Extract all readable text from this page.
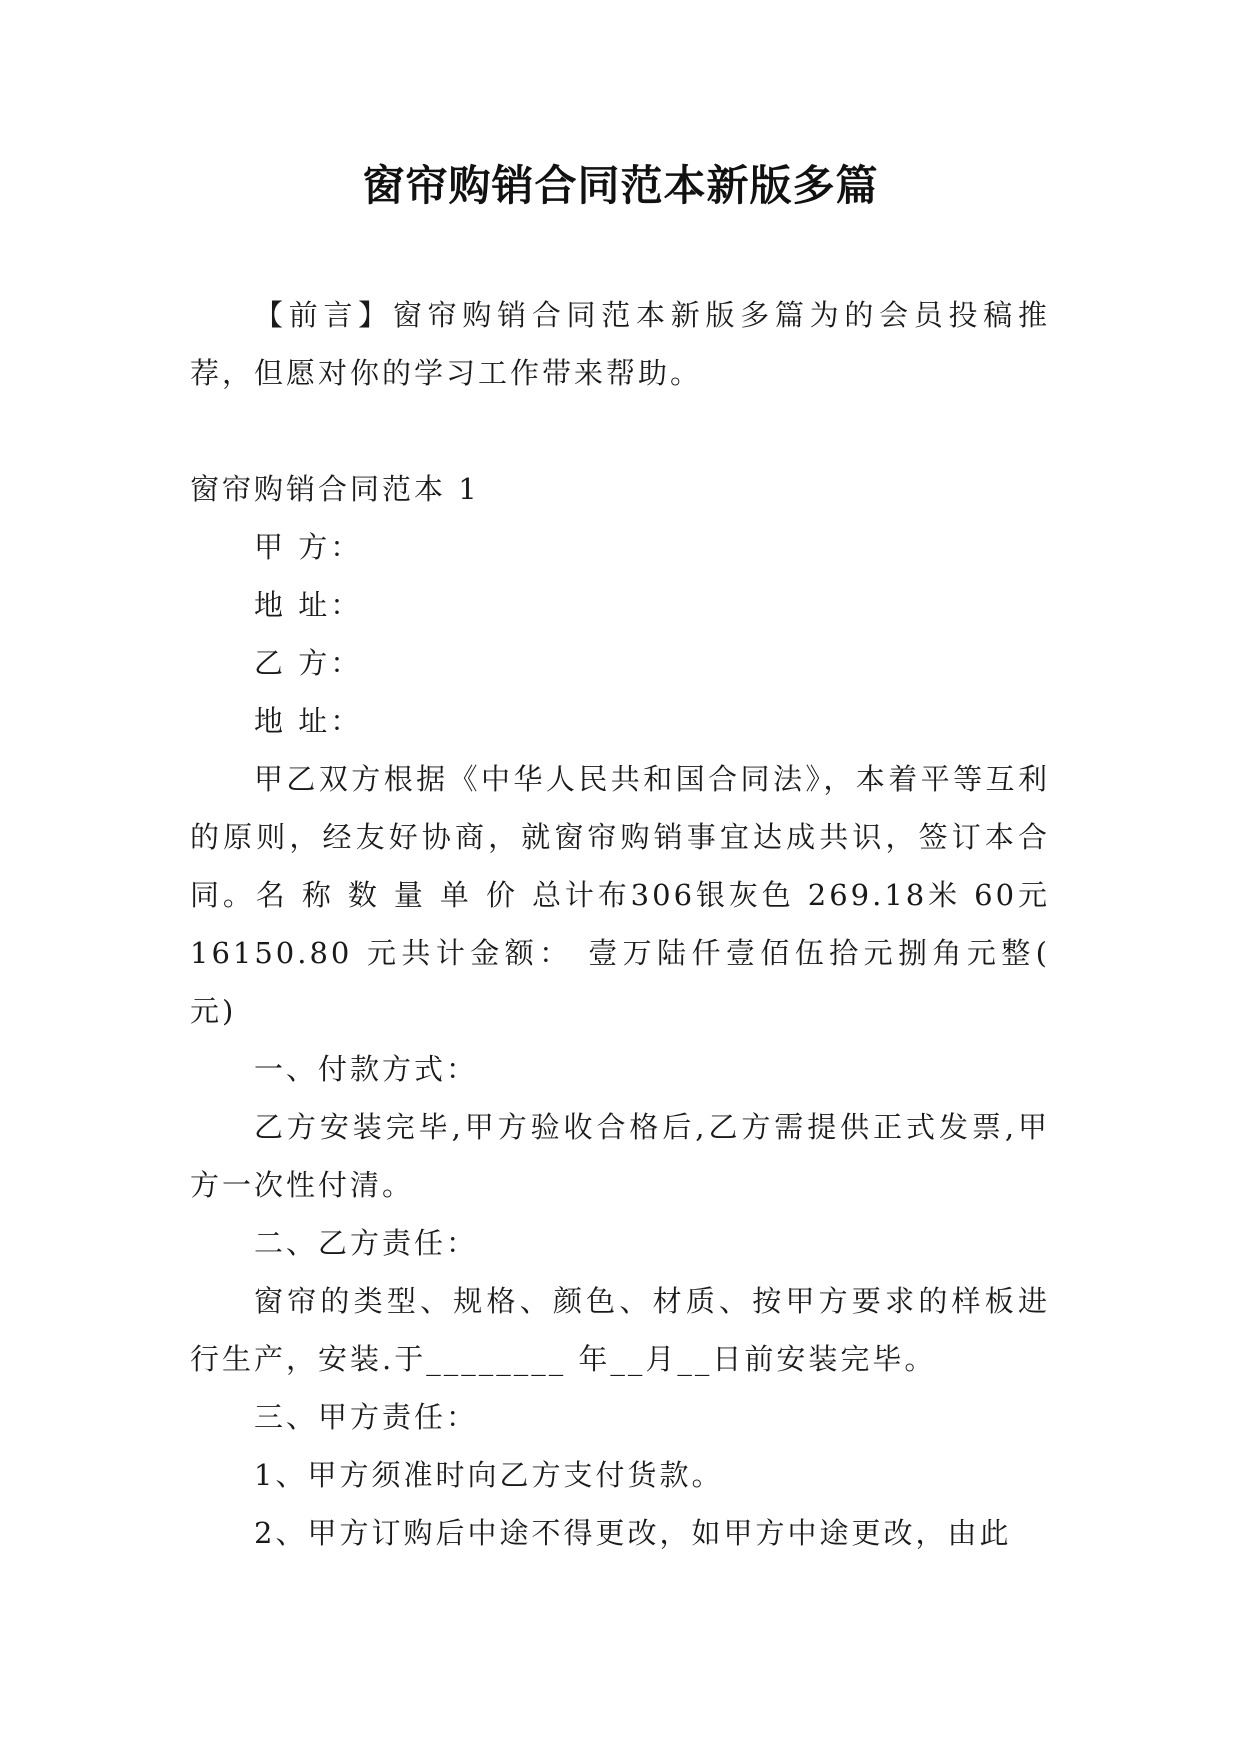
窗帘购销合同范本新版多篇

【前言】窗帘购销合同范本新版多篇为的会员投稿推荐，但愿对你的学习工作带来帮助。

窗帘购销合同范本 1

甲 方：

地 址：

乙 方：

地 址：

甲乙双方根据《中华人民共和国合同法》，本着平等互利的原则，经友好协商，就窗帘购销事宜达成共识，签订本合同。名 称 数 量 单 价 总计布306银灰色 269.18米 60元 16150.80 元共计金额： 壹万陆仟壹佰伍拾元捌角元整( 元)

一、付款方式：

乙方安装完毕,甲方验收合格后,乙方需提供正式发票,甲方一次性付清。

二、乙方责任：

窗帘的类型、规格、颜色、材质、按甲方要求的样板进行生产，安装.于________ 年__月__日前安装完毕。

三、甲方责任：

1、甲方须准时向乙方支付货款。

2、甲方订购后中途不得更改，如甲方中途更改，由此
